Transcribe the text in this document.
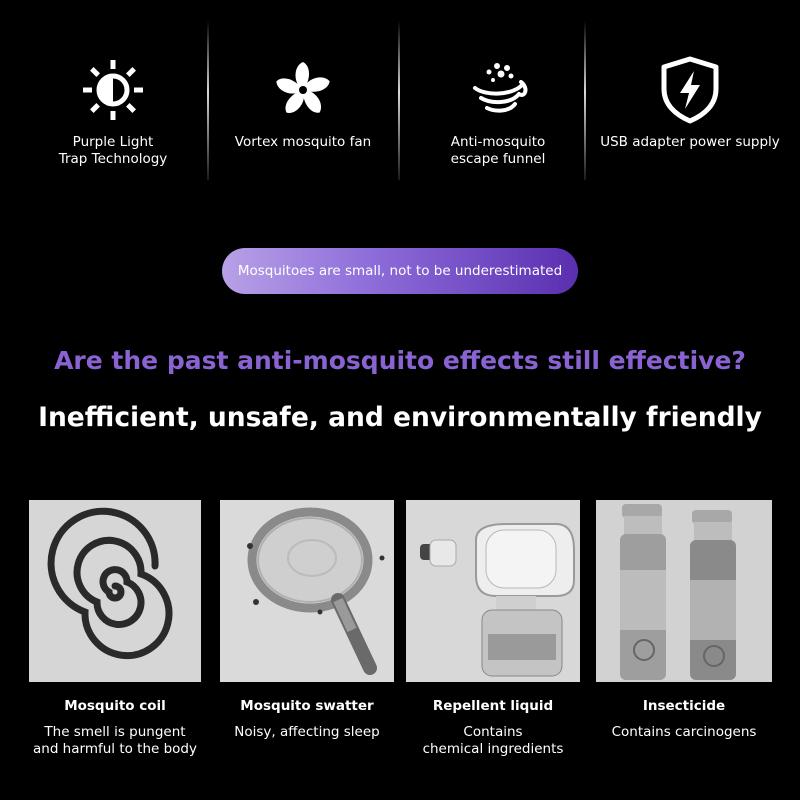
Purple Light
Trap Technology
Vortex mosquito fan	Anti-mosquito
escape funnel
USB adapter power supply
Mosquitoes are small, not to be underestimated
Are the past anti-mosquito effects still effective?
Inefficient, unsafe, and environmentally friendly
Mosquito coil
The smell is pungent
and harmful to the body
Mosquito swatter
Noisy, affecting sleep
Repellent liquid
Contains
chemical ingredients
Insecticide
Contains carcinogens
